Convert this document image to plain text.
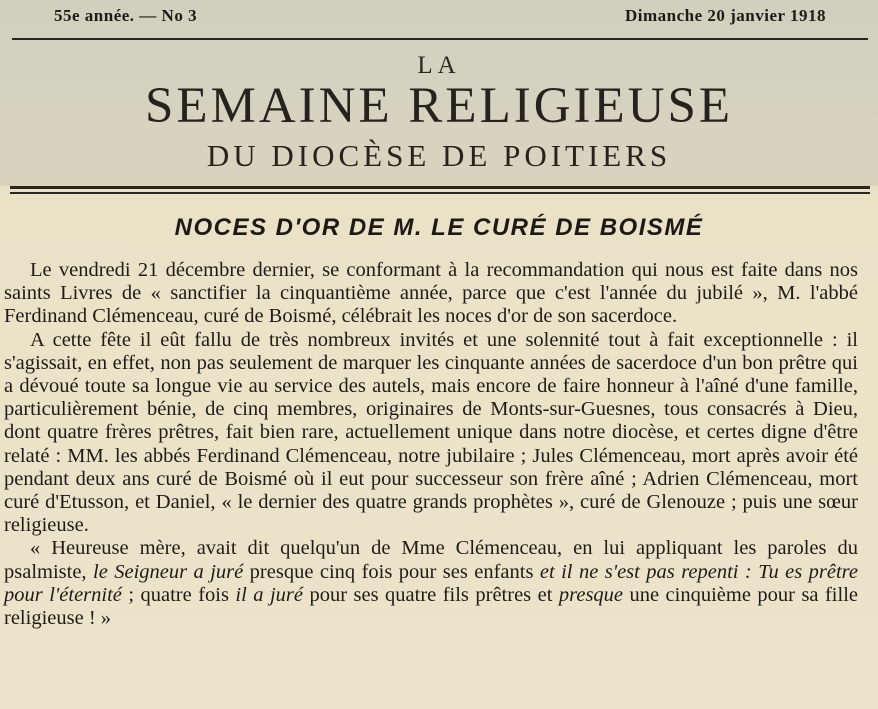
55e année. — No 3	Dimanche 20 janvier 1918
LA
SEMAINE RELIGIEUSE
DU DIOCÈSE DE POITIERS
NOCES D'OR DE M. LE CURÉ DE BOISMÉ

Le vendredi 21 décembre dernier, se conformant à la recommandation qui nous est faite dans nos saints Livres de « sanctifier la cinquantième année, parce que c'est l'année du jubilé », M. l'abbé Ferdinand Clémenceau, curé de Boismé, célébrait les noces d'or de son sacerdoce.

A cette fête il eût fallu de très nombreux invités et une solennité tout à fait exceptionnelle : il s'agissait, en effet, non pas seulement de marquer les cinquante années de sacerdoce d'un bon prêtre qui a dévoué toute sa longue vie au service des autels, mais encore de faire honneur à l'aîné d'une famille, particulièrement bénie, de cinq membres, originaires de Monts-sur-Guesnes, tous consacrés à Dieu, dont quatre frères prêtres, fait bien rare, actuellement unique dans notre diocèse, et certes digne d'être relaté : MM. les abbés Ferdinand Clémenceau, notre jubilaire ; Jules Clémenceau, mort après avoir été pendant deux ans curé de Boismé où il eut pour successeur son frère aîné ; Adrien Clémenceau, mort curé d'Etusson, et Daniel, « le dernier des quatre grands prophètes », curé de Glenouze ; puis une sœur religieuse.

« Heureuse mère, avait dit quelqu'un de Mme Clémenceau, en lui appliquant les paroles du psalmiste, le Seigneur a juré presque cinq fois pour ses enfants et il ne s'est pas repenti : Tu es prêtre pour l'éternité ; quatre fois il a juré pour ses quatre fils prêtres et presque une cinquième pour sa fille religieuse ! »
